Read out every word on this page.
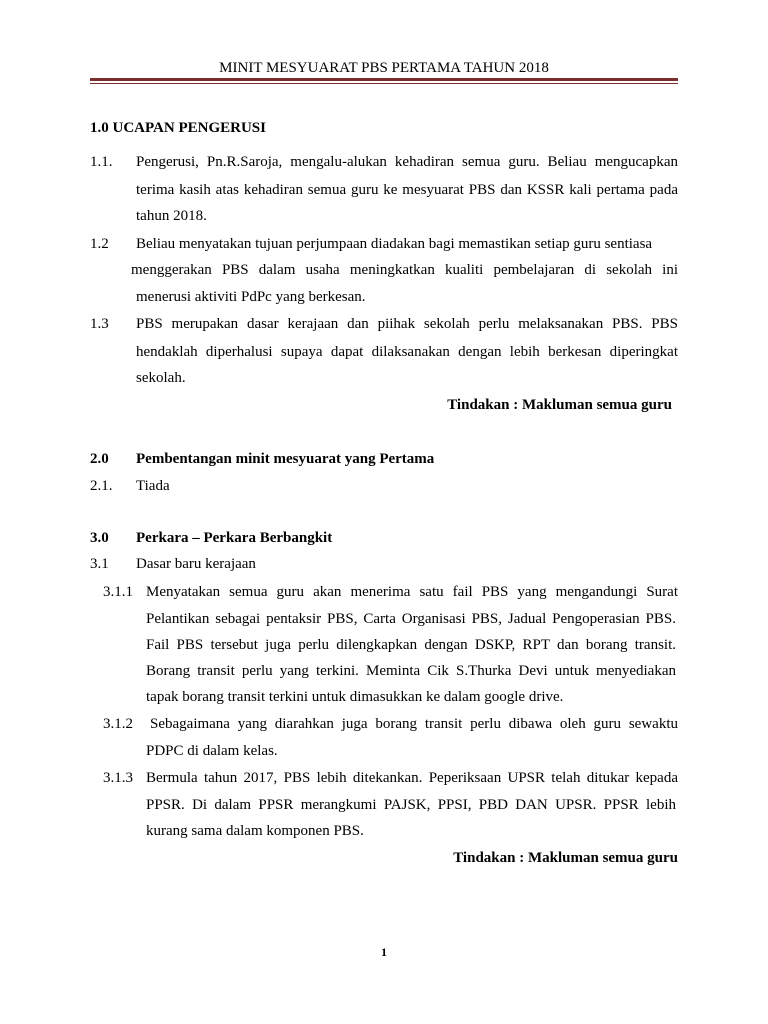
MINIT MESYUARAT PBS PERTAMA TAHUN 2018
1.0 UCAPAN PENGERUSI
1.1. Pengerusi, Pn.R.Saroja, mengalu-alukan kehadiran semua guru. Beliau mengucapkan
terima kasih atas kehadiran semua guru ke mesyuarat PBS dan KSSR kali pertama pada
tahun 2018.
1.2 Beliau menyatakan tujuan perjumpaan diadakan bagi memastikan setiap guru sentiasa
menggerakan PBS dalam usaha meningkatkan kualiti pembelajaran di sekolah ini
menerusi aktiviti PdPc yang berkesan.
1.3 PBS merupakan dasar kerajaan dan piihak sekolah perlu melaksanakan PBS. PBS
hendaklah diperhalusi supaya dapat dilaksanakan dengan lebih berkesan diperingkat
sekolah.
Tindakan : Makluman semua guru
2.0 Pembentangan minit mesyuarat yang Pertama
2.1. Tiada
3.0 Perkara – Perkara Berbangkit
3.1 Dasar baru kerajaan
3.1.1 Menyatakan semua guru akan menerima satu fail PBS yang mengandungi Surat
Pelantikan sebagai pentaksir PBS, Carta Organisasi PBS, Jadual Pengoperasian PBS.
Fail PBS tersebut juga perlu dilengkapkan dengan DSKP, RPT dan borang transit.
Borang transit perlu yang terkini. Meminta Cik S.Thurka Devi untuk menyediakan
tapak borang transit terkini untuk dimasukkan ke dalam google drive.
3.1.2 Sebagaimana yang diarahkan juga borang transit perlu dibawa oleh guru sewaktu
PDPC di dalam kelas.
3.1.3 Bermula tahun 2017, PBS lebih ditekankan. Peperiksaan UPSR telah ditukar kepada
PPSR. Di dalam PPSR merangkumi PAJSK, PPSI, PBD DAN UPSR. PPSR lebih
kurang sama dalam komponen PBS.
Tindakan : Makluman semua guru
1
